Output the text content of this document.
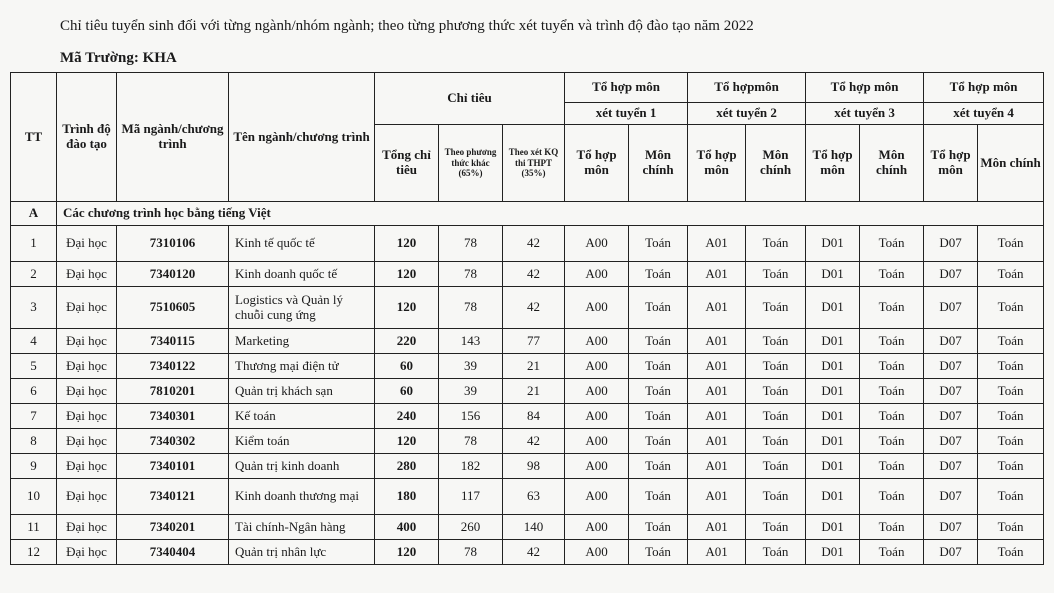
Chỉ tiêu tuyển sinh đối với từng ngành/nhóm ngành; theo từng phương thức xét tuyển và trình độ đào tạo năm 2022
Mã Trường: KHA
TT	Trình độ đào tạo	Mã ngành/chương trình	Tên ngành/chương trình	Chỉ tiêu			Tổ hợp môn		Tổ hợpmôn		Tổ hợp môn		Tổ hợp môn	
							xét tuyển 1		xét tuyển 2		xét tuyển 3		xét tuyển 4	
				Tổng chỉ tiêu	Theo phương thức khác (65%)	Theo xét KQ thi THPT (35%)	Tổ hợp môn	Môn chính	Tổ hợp môn	Môn chính	Tổ hợp môn	Môn chính	Tổ hợp môn	Môn chính
A	Các chương trình học bằng tiếng Việt													
1	Đại học	7310106	Kinh tế quốc tế	120	78	42	A00	Toán	A01	Toán	D01	Toán	D07	Toán
2	Đại học	7340120	Kinh doanh quốc tế	120	78	42	A00	Toán	A01	Toán	D01	Toán	D07	Toán
3	Đại học	7510605	Logistics và Quản lý chuỗi cung ứng	120	78	42	A00	Toán	A01	Toán	D01	Toán	D07	Toán
4	Đại học	7340115	Marketing	220	143	77	A00	Toán	A01	Toán	D01	Toán	D07	Toán
5	Đại học	7340122	Thương mại điện tử	60	39	21	A00	Toán	A01	Toán	D01	Toán	D07	Toán
6	Đại học	7810201	Quản trị khách sạn	60	39	21	A00	Toán	A01	Toán	D01	Toán	D07	Toán
7	Đại học	7340301	Kế toán	240	156	84	A00	Toán	A01	Toán	D01	Toán	D07	Toán
8	Đại học	7340302	Kiểm toán	120	78	42	A00	Toán	A01	Toán	D01	Toán	D07	Toán
9	Đại học	7340101	Quản trị kinh doanh	280	182	98	A00	Toán	A01	Toán	D01	Toán	D07	Toán
10	Đại học	7340121	Kinh doanh thương mại	180	117	63	A00	Toán	A01	Toán	D01	Toán	D07	Toán
11	Đại học	7340201	Tài chính-Ngân hàng	400	260	140	A00	Toán	A01	Toán	D01	Toán	D07	Toán
12	Đại học	7340404	Quản trị nhân lực	120	78	42	A00	Toán	A01	Toán	D01	Toán	D07	Toán
